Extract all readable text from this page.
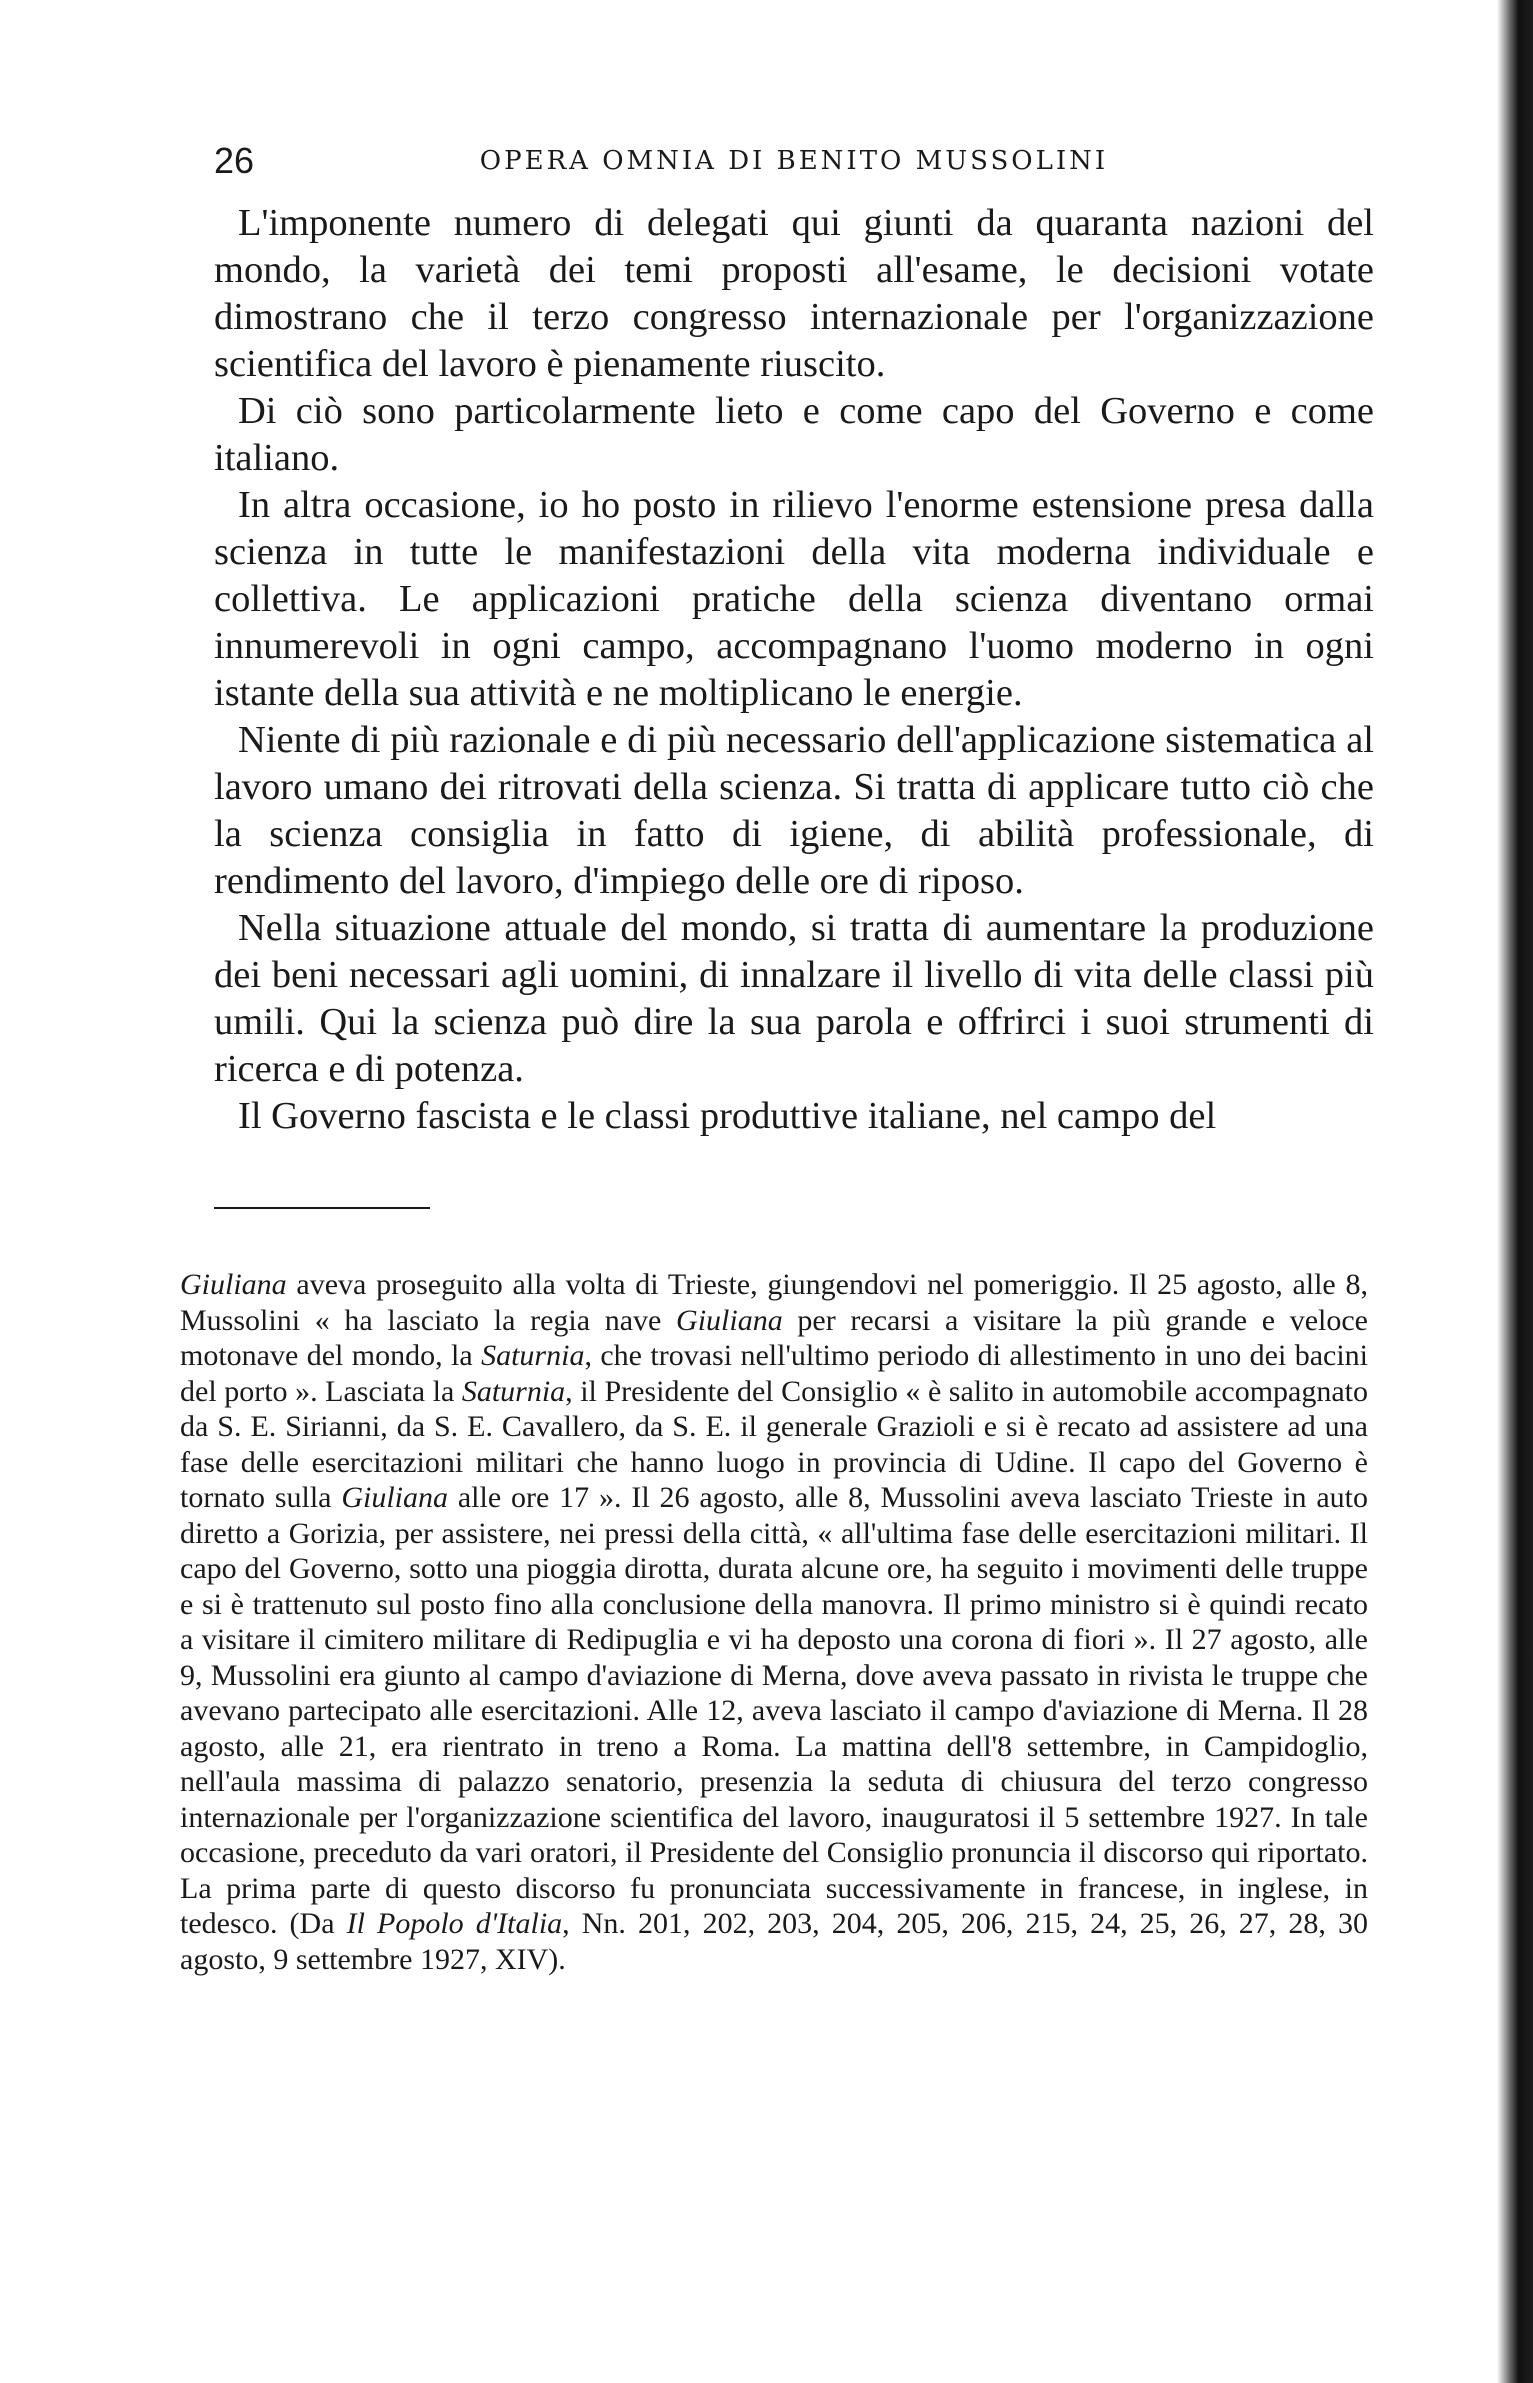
26	OPERA OMNIA DI BENITO MUSSOLINI

L'imponente numero di delegati qui giunti da quaranta nazioni del mondo, la varietà dei temi proposti all'esame, le decisioni votate dimostrano che il terzo congresso internazionale per l'organizzazione scientifica del lavoro è pienamente riuscito.

Di ciò sono particolarmente lieto e come capo del Governo e come italiano.

In altra occasione, io ho posto in rilievo l'enorme estensione presa dalla scienza in tutte le manifestazioni della vita moderna individuale e collettiva. Le applicazioni pratiche della scienza diventano ormai innumerevoli in ogni campo, accompagnano l'uomo moderno in ogni istante della sua attività e ne moltiplicano le energie.

Niente di più razionale e di più necessario dell'applicazione sistematica al lavoro umano dei ritrovati della scienza. Si tratta di applicare tutto ciò che la scienza consiglia in fatto di igiene, di abilità professionale, di rendimento del lavoro, d'impiego delle ore di riposo.

Nella situazione attuale del mondo, si tratta di aumentare la produzione dei beni necessari agli uomini, di innalzare il livello di vita delle classi più umili. Qui la scienza può dire la sua parola e offrirci i suoi strumenti di ricerca e di potenza.

Il Governo fascista e le classi produttive italiane, nel campo del

Giuliana aveva proseguito alla volta di Trieste, giungendovi nel pomeriggio. Il 25 agosto, alle 8, Mussolini « ha lasciato la regia nave Giuliana per recarsi a visitare la più grande e veloce motonave del mondo, la Saturnia, che trovasi nell'ultimo periodo di allestimento in uno dei bacini del porto ». Lasciata la Saturnia, il Presidente del Consiglio « è salito in automobile accompagnato da S. E. Sirianni, da S. E. Cavallero, da S. E. il generale Grazioli e si è recato ad assistere ad una fase delle esercitazioni militari che hanno luogo in provincia di Udine. Il capo del Governo è tornato sulla Giuliana alle ore 17 ». Il 26 agosto, alle 8, Mussolini aveva lasciato Trieste in auto diretto a Gorizia, per assistere, nei pressi della città, « all'ultima fase delle esercitazioni militari. Il capo del Governo, sotto una pioggia dirotta, durata alcune ore, ha seguito i movimenti delle truppe e si è trattenuto sul posto fino alla conclusione della manovra. Il primo ministro si è quindi recato a visitare il cimitero militare di Redipuglia e vi ha deposto una corona di fiori ». Il 27 agosto, alle 9, Mussolini era giunto al campo d'aviazione di Merna, dove aveva passato in rivista le truppe che avevano partecipato alle esercitazioni. Alle 12, aveva lasciato il campo d'aviazione di Merna. Il 28 agosto, alle 21, era rientrato in treno a Roma. La mattina dell'8 settembre, in Campidoglio, nell'aula massima di palazzo senatorio, presenzia la seduta di chiusura del terzo congresso internazionale per l'organizzazione scientifica del lavoro, inauguratosi il 5 settembre 1927. In tale occasione, preceduto da vari oratori, il Presidente del Consiglio pronuncia il discorso qui riportato. La prima parte di questo discorso fu pronunciata successivamente in francese, in inglese, in tedesco. (Da Il Popolo d'Italia, Nn. 201, 202, 203, 204, 205, 206, 215, 24, 25, 26, 27, 28, 30 agosto, 9 settembre 1927, XIV).
